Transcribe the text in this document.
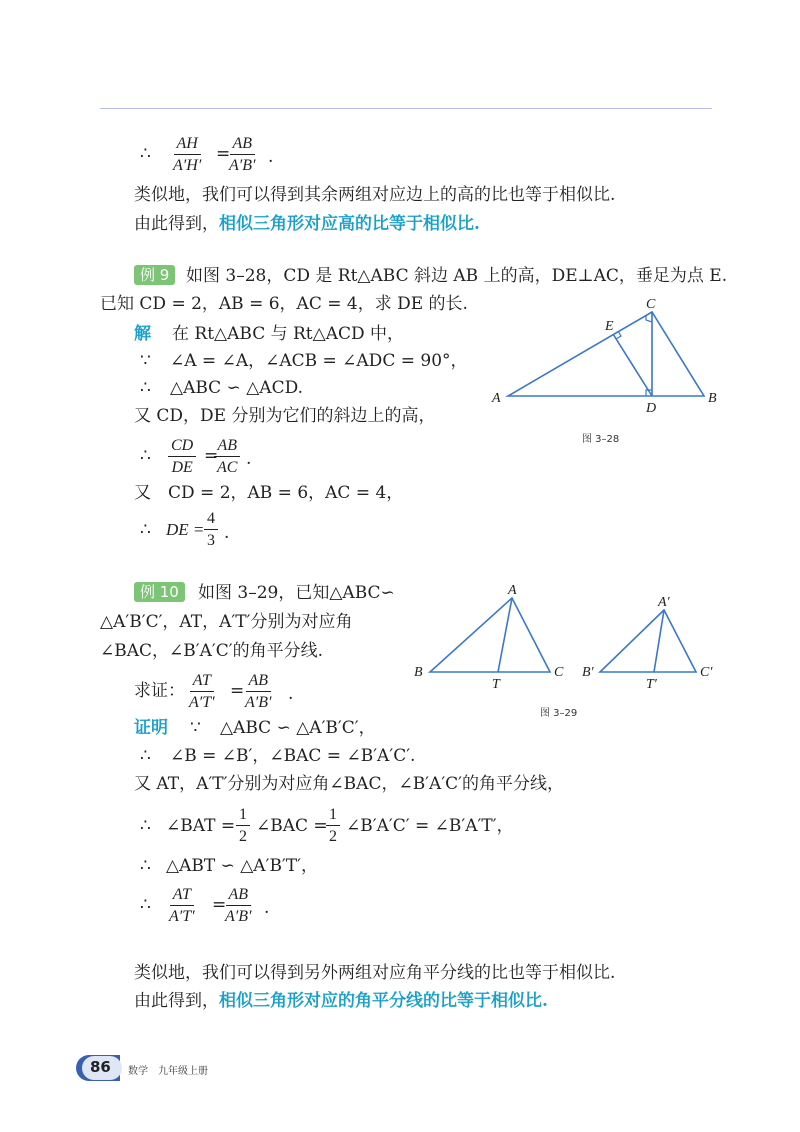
∴ $\frac{AH}{A'H'}$ =
$\frac{AB}{A'B'}$ .
类似地，我们可以得到其余两组对应边上的高的比也等于相似比.
由此得到，相似三角形对应高的比等于相似比.
例 9 如图 3–28，CD 是 Rt△ABC 斜边 AB 上的高，DE⊥AC，垂足为点 E.
已知 CD = 2，AB = 6，AC = 4，求 DE 的长.
解 在 Rt△ABC 与 Rt△ACD 中，
∵ ∠A = ∠A，∠ACB = ∠ADC = 90°，
∴ △ABC ∽ △ACD.
又 CD，DE 分别为它们的斜边上的高，
∴ $\frac{CD}{DE}$ =
$\frac{AB}{AC}$ .
又　CD = 2，AB = 6，AC = 4，
∴ DE = $\frac{4}{3}$ .
A	B
C
D
E
图 3–28
例 10	如图 3–29，已知△ABC∽
△A′B′C′，AT，A′T′分别为对应角
∠BAC，∠B′A′C′的角平分线.
求证： $\frac{AT}{A'T'}$ =
$\frac{AB}{A'B'}$ .
证明 ∵ △ABC ∽ △A′B′C′，
∴ ∠B = ∠B′，∠BAC = ∠B′A′C′.
又 AT，A′T′分别为对应角∠BAC，∠B′A′C′的角平分线，
∴ ∠BAT = $\frac{1}{2}$ ∠BAC =
$\frac{1}{2}$ ∠B′A′C′ = ∠B′A′T′，
∴ △ABT ∽ △A′B′T′，
∴ $\frac{AT}{A'T'}$ =
$\frac{AB}{A'B'}$ .
A
B	C
T
A′
B′	C′
T′
图 3–29
类似地，我们可以得到另外两组对应角平分线的比也等于相似比.
由此得到，相似三角形对应的角平分线的比等于相似比.
86 数学　九年级上册
